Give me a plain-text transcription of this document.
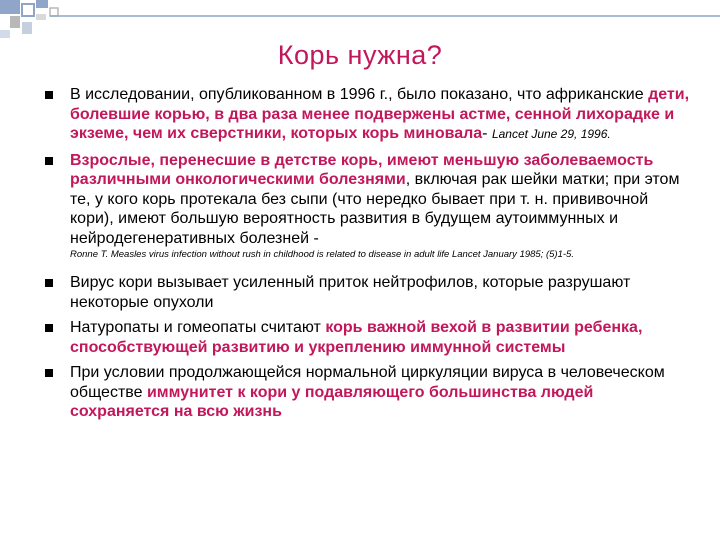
Корь нужна?
В исследовании, опубликованном в 1996 г., было показано, что африканские дети, болевшие корью, в два раза менее подвержены астме, сенной лихорадке и экземе, чем их сверстники, которых корь миновала- Lancet June 29, 1996.
Взрослые, перенесшие в детстве корь, имеют меньшую заболеваемость различными онкологическими болезнями, включая рак шейки матки; при этом те, у кого корь протекала без сыпи (что нередко бывает при т. н. прививочной кори), имеют большую вероятность развития в будущем аутоиммунных и нейродегенеративных болезней -
Ronne T. Measles virus infection without rush in childhood is related to disease in adult life Lancet January 1985; (5)1-5.
Вирус кори вызывает усиленный приток нейтрофилов, которые разрушают некоторые опухоли
Натуропаты и гомеопаты считают корь важной вехой в развитии ребенка, способствующей развитию и укреплению иммунной системы
При условии продолжающейся нормальной циркуляции вируса в человеческом обществе иммунитет к кори у подавляющего большинства людей сохраняется на всю жизнь
